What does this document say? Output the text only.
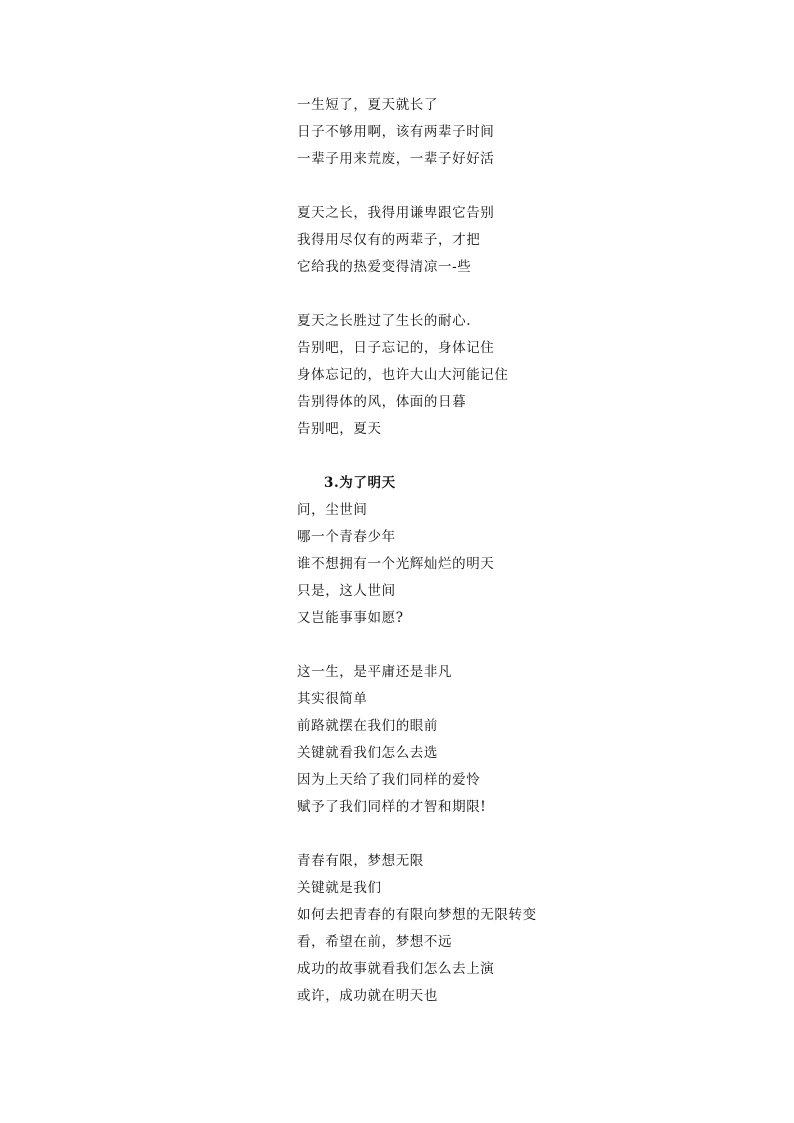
一生短了，夏天就长了
日子不够用啊，该有两辈子时间
一辈子用来荒废，一辈子好好活
夏天之长，我得用谦卑跟它告别
我得用尽仅有的两辈子，才把
它给我的热爱变得清凉一-些
夏天之长胜过了生长的耐心.
告别吧，日子忘记的，身体记住
身体忘记的，也许大山大河能记住
告别得体的风，体面的日暮
告别吧，夏天
3.为了明天
问，尘世间
哪一个青春少年
谁不想拥有一个光辉灿烂的明天
只是，这人世间
又岂能事事如愿?
这一生，是平庸还是非凡
其实很简单
前路就摆在我们的眼前
关键就看我们怎么去选
因为上天给了我们同样的爱怜
赋予了我们同样的才智和期限!
青春有限，梦想无限
关键就是我们
如何去把青春的有限向梦想的无限转变
看，希望在前，梦想不远
成功的故事就看我们怎么去上演
或许，成功就在明天也
